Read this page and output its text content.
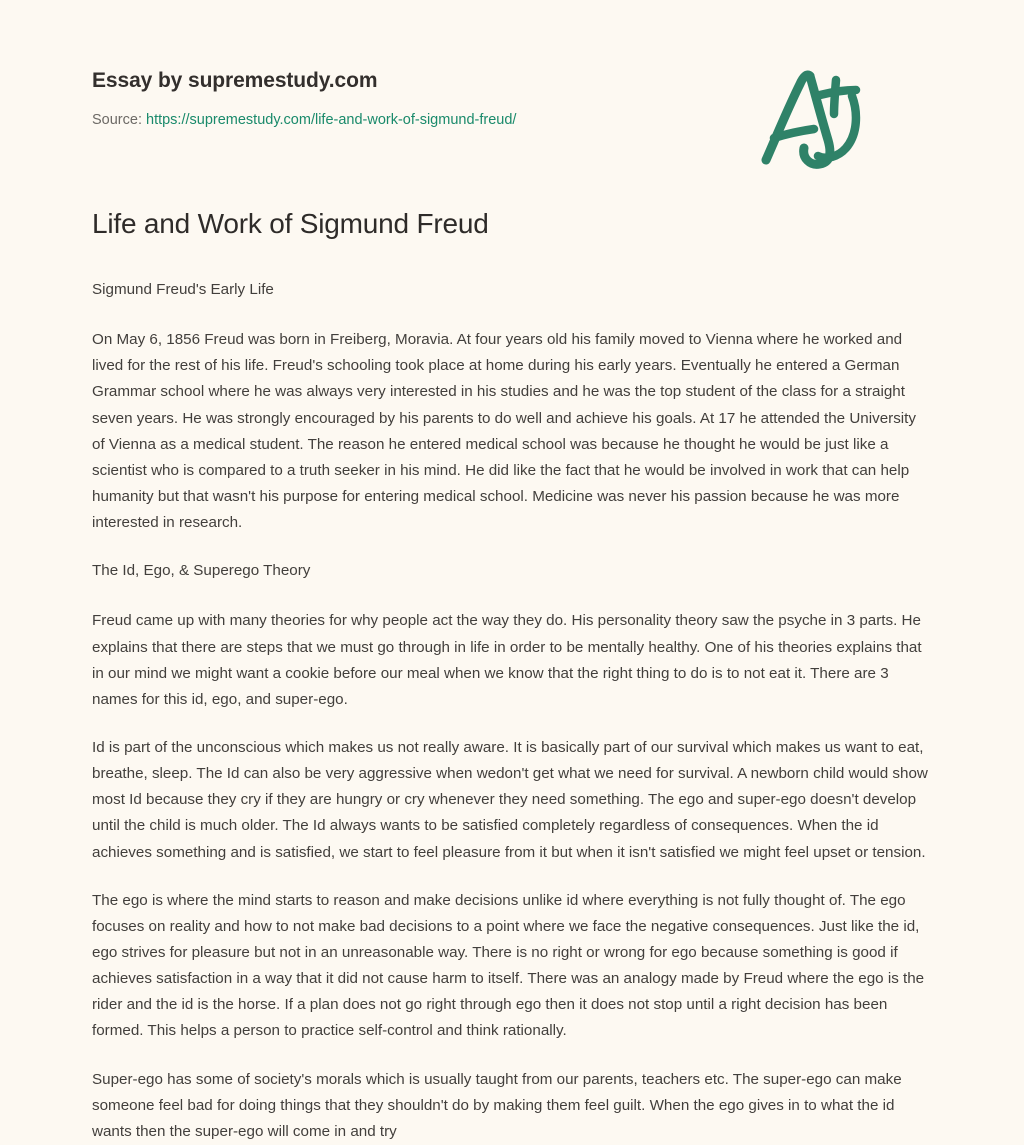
Essay by supremestudy.com

Source: https://supremestudy.com/life-and-work-of-sigmund-freud/

Life and Work of Sigmund Freud

Sigmund Freud's Early Life

On May 6, 1856 Freud was born in Freiberg, Moravia. At four years old his family moved to Vienna where he worked and lived for the rest of his life. Freud's schooling took place at home during his early years. Eventually he entered a German Grammar school where he was always very interested in his studies and he was the top student of the class for a straight seven years. He was strongly encouraged by his parents to do well and achieve his goals. At 17 he attended the University of Vienna as a medical student. The reason he entered medical school was because he thought he would be just like a scientist who is compared to a truth seeker in his mind. He did like the fact that he would be involved in work that can help humanity but that wasn't his purpose for entering medical school. Medicine was never his passion because he was more interested in research.

The Id, Ego, & Superego Theory

Freud came up with many theories for why people act the way they do. His personality theory saw the psyche in 3 parts. He explains that there are steps that we must go through in life in order to be mentally healthy. One of his theories explains that in our mind we might want a cookie before our meal when we know that the right thing to do is to not eat it. There are 3 names for this id, ego, and super-ego.

Id is part of the unconscious which makes us not really aware. It is basically part of our survival which makes us want to eat, breathe, sleep. The Id can also be very aggressive when wedon't get what we need for survival. A newborn child would show most Id because they cry if they are hungry or cry whenever they need something. The ego and super-ego doesn't develop until the child is much older. The Id always wants to be satisfied completely regardless of consequences. When the id achieves something and is satisfied, we start to feel pleasure from it but when it isn't satisfied we might feel upset or tension.

The ego is where the mind starts to reason and make decisions unlike id where everything is not fully thought of. The ego focuses on reality and how to not make bad decisions to a point where we face the negative consequences. Just like the id, ego strives for pleasure but not in an unreasonable way. There is no right or wrong for ego because something is good if achieves satisfaction in a way that it did not cause harm to itself. There was an analogy made by Freud where the ego is the rider and the id is the horse. If a plan does not go right through ego then it does not stop until a right decision has been formed. This helps a person to practice self-control and think rationally.

Super-ego has some of society's morals which is usually taught from our parents, teachers etc. The super-ego can make someone feel bad for doing things that they shouldn't do by making them feel guilt. When the ego gives in to what the id wants then the super-ego will come in and try
